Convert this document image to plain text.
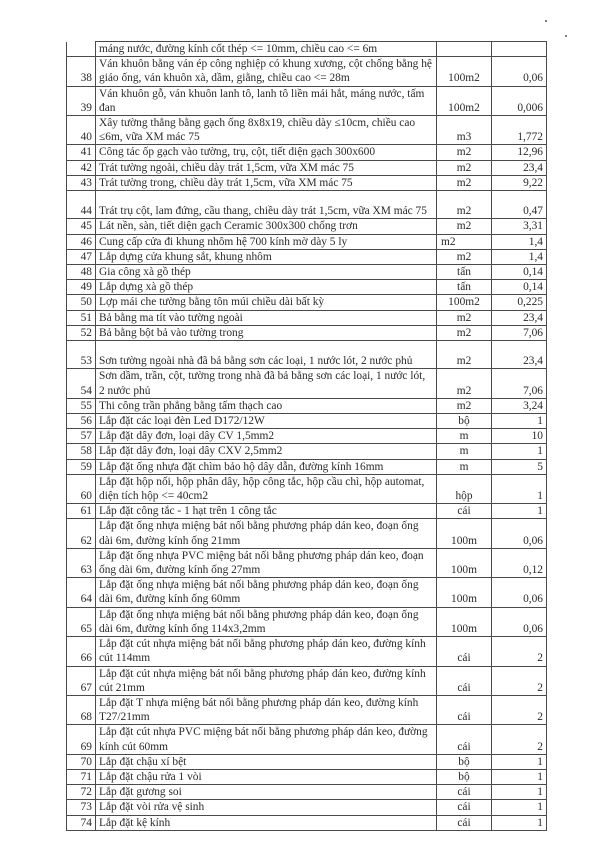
	máng nước, đường kính cốt thép <= 10mm, chiều cao <= 6m		
38	Ván khuôn bằng ván ép công nghiệp có khung xương, cột chống bằng hệ giáo ống, ván khuôn xà, dầm, giằng, chiều cao <= 28m	100m2	0,06
39	Ván khuôn gỗ, ván khuôn lanh tô, lanh tô liền mái hắt, máng nước, tấm đan	100m2	0,006
40	Xây tường thẳng bằng gạch ống 8x8x19, chiều dày ≤10cm, chiều cao ≤6m, vữa XM mác 75	m3	1,772
41	Công tác ốp gạch vào tường, trụ, cột, tiết diện gạch 300x600	m2	12,96
42	Trát tường ngoài, chiều dày trát 1,5cm, vữa XM mác 75	m2	23,4
43	Trát tường trong, chiều dày trát 1,5cm, vữa XM mác 75	m2	9,22
44	Trát trụ cột, lam đứng, cầu thang, chiều dày trát 1,5cm, vữa XM mác 75	m2	0,47
45	Lát nền, sàn, tiết diện gạch Ceramic 300x300 chống trơn	m2	3,31
46	Cung cấp cửa đi khung nhôm hệ 700 kính mờ dày 5 ly	m2	1,4
47	Lắp dựng cửa khung sắt, khung nhôm	m2	1,4
48	Gia công xà gồ thép	tấn	0,14
49	Lắp dựng xà gồ thép	tấn	0,14
50	Lợp mái che tường bằng tôn múi chiều dài bất kỳ	100m2	0,225
51	Bả bằng ma tít vào tường ngoài	m2	23,4
52	Bả bằng bột bả vào tường trong	m2	7,06
53	Sơn tường ngoài nhà đã bả bằng sơn các loại, 1 nước lót, 2 nước phủ	m2	23,4
54	Sơn dầm, trần, cột, tường trong nhà đã bả bằng sơn các loại, 1 nước lót, 2 nước phủ	m2	7,06
55	Thi công trần phẳng bằng tấm thạch cao	m2	3,24
56	Lắp đặt các loại đèn Led D172/12W	bộ	1
57	Lắp đặt dây đơn, loại dây CV 1,5mm2	m	10
58	Lắp đặt dây đơn, loại dây CXV 2,5mm2	m	1
59	Lắp đặt ống nhựa đặt chìm bảo hộ dây dẫn, đường kính 16mm	m	5
60	Lắp đặt hộp nối, hộp phân dây, hộp công tắc, hộp cầu chì, hộp automat, diện tích hộp <= 40cm2	hộp	1
61	Lắp đặt công tắc - 1 hạt trên 1 công tắc	cái	1
62	Lắp đặt ống nhựa miệng bát nối bằng phương pháp dán keo, đoạn ống dài 6m, đường kính ống 21mm	100m	0,06
63	Lắp đặt ống nhựa PVC miệng bát nối bằng phương pháp dán keo, đoạn ống dài 6m, đường kính ống 27mm	100m	0,12
64	Lắp đặt ống nhựa miệng bát nối bằng phương pháp dán keo, đoạn ống dài 6m, đường kính ống 60mm	100m	0,06
65	Lắp đặt ống nhựa miệng bát nối bằng phương pháp dán keo, đoạn ống dài 6m, đường kính ống 114x3,2mm	100m	0,06
66	Lắp đặt cút nhựa miệng bát nối bằng phương pháp dán keo, đường kính cút 114mm	cái	2
67	Lắp đặt cút nhựa miệng bát nối bằng phương pháp dán keo, đường kính cút 21mm	cái	2
68	Lắp đặt T nhựa miệng bát nối bằng phương pháp dán keo, đường kính T27/21mm	cái	2
69	Lắp đặt cút nhựa PVC miệng bát nối bằng phương pháp dán keo, đường kính cút 60mm	cái	2
70	Lắp đặt chậu xí bệt	bộ	1
71	Lắp đặt chậu rửa 1 vòi	bộ	1
72	Lắp đặt gương soi	cái	1
73	Lắp đặt vòi rửa vệ sinh	cái	1
74	Lắp đặt kệ kính	cái	1
